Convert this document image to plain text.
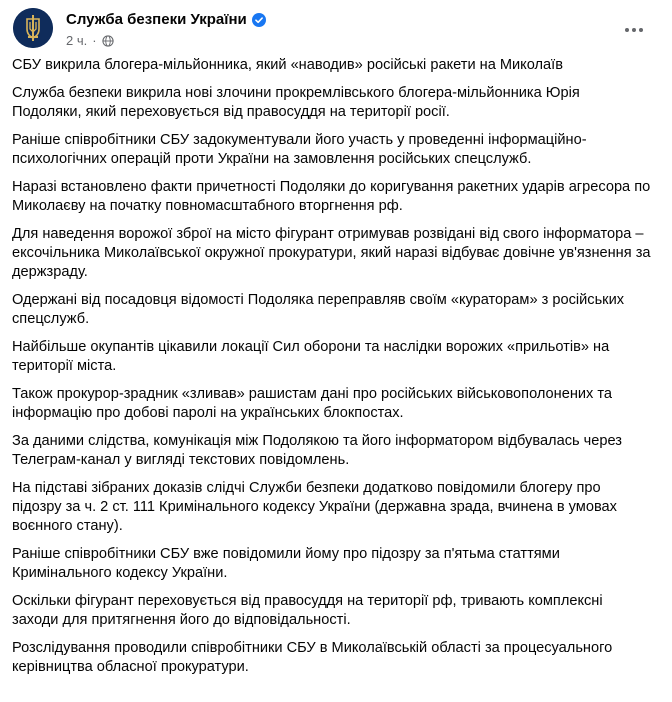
Служба безпеки України
2 ч. ·

СБУ викрила блогера-мільйонника, який «наводив» російські ракети на Миколаїв

Служба безпеки викрила нові злочини прокремлівського блогера-мільйонника Юрія Подоляки, який переховується від правосуддя на території росії.

Раніше співробітники СБУ задокументували його участь у проведенні інформаційно-психологічних операцій проти України на замовлення російських спецслужб.

Наразі встановлено факти причетності Подоляки до коригування ракетних ударів агресора по Миколаєву на початку повномасштабного вторгнення рф.

Для наведення ворожої зброї на місто фігурант отримував розвідані від свого інформатора – ексочільника Миколаївської окружної прокуратури, який наразі відбуває довічне ув'язнення за держзраду.

Одержані від посадовця відомості Подоляка переправляв своїм «кураторам» з російських спецслужб.

Найбільше окупантів цікавили локації Сил оборони та наслідки ворожих «прильотів» на території міста.

Також прокурор-зрадник «зливав» рашистам дані про російських військовополонених та інформацію про добові паролі на українських блокпостах.

За даними слідства, комунікація між Подолякою та його інформатором відбувалась через Телеграм-канал у вигляді текстових повідомлень.

На підставі зібраних доказів слідчі Служби безпеки додатково повідомили блогеру про підозру за ч. 2 ст. 111 Кримінального кодексу України (державна зрада, вчинена в умовах воєнного стану).

Раніше співробітники СБУ вже повідомили йому про підозру за п'ятьма статтями Кримінального кодексу України.

Оскільки фігурант переховується від правосуддя на території рф, тривають комплексні заходи для притягнення його до відповідальності.

Розслідування проводили співробітники СБУ в Миколаївській області за процесуального керівництва обласної прокуратури.
